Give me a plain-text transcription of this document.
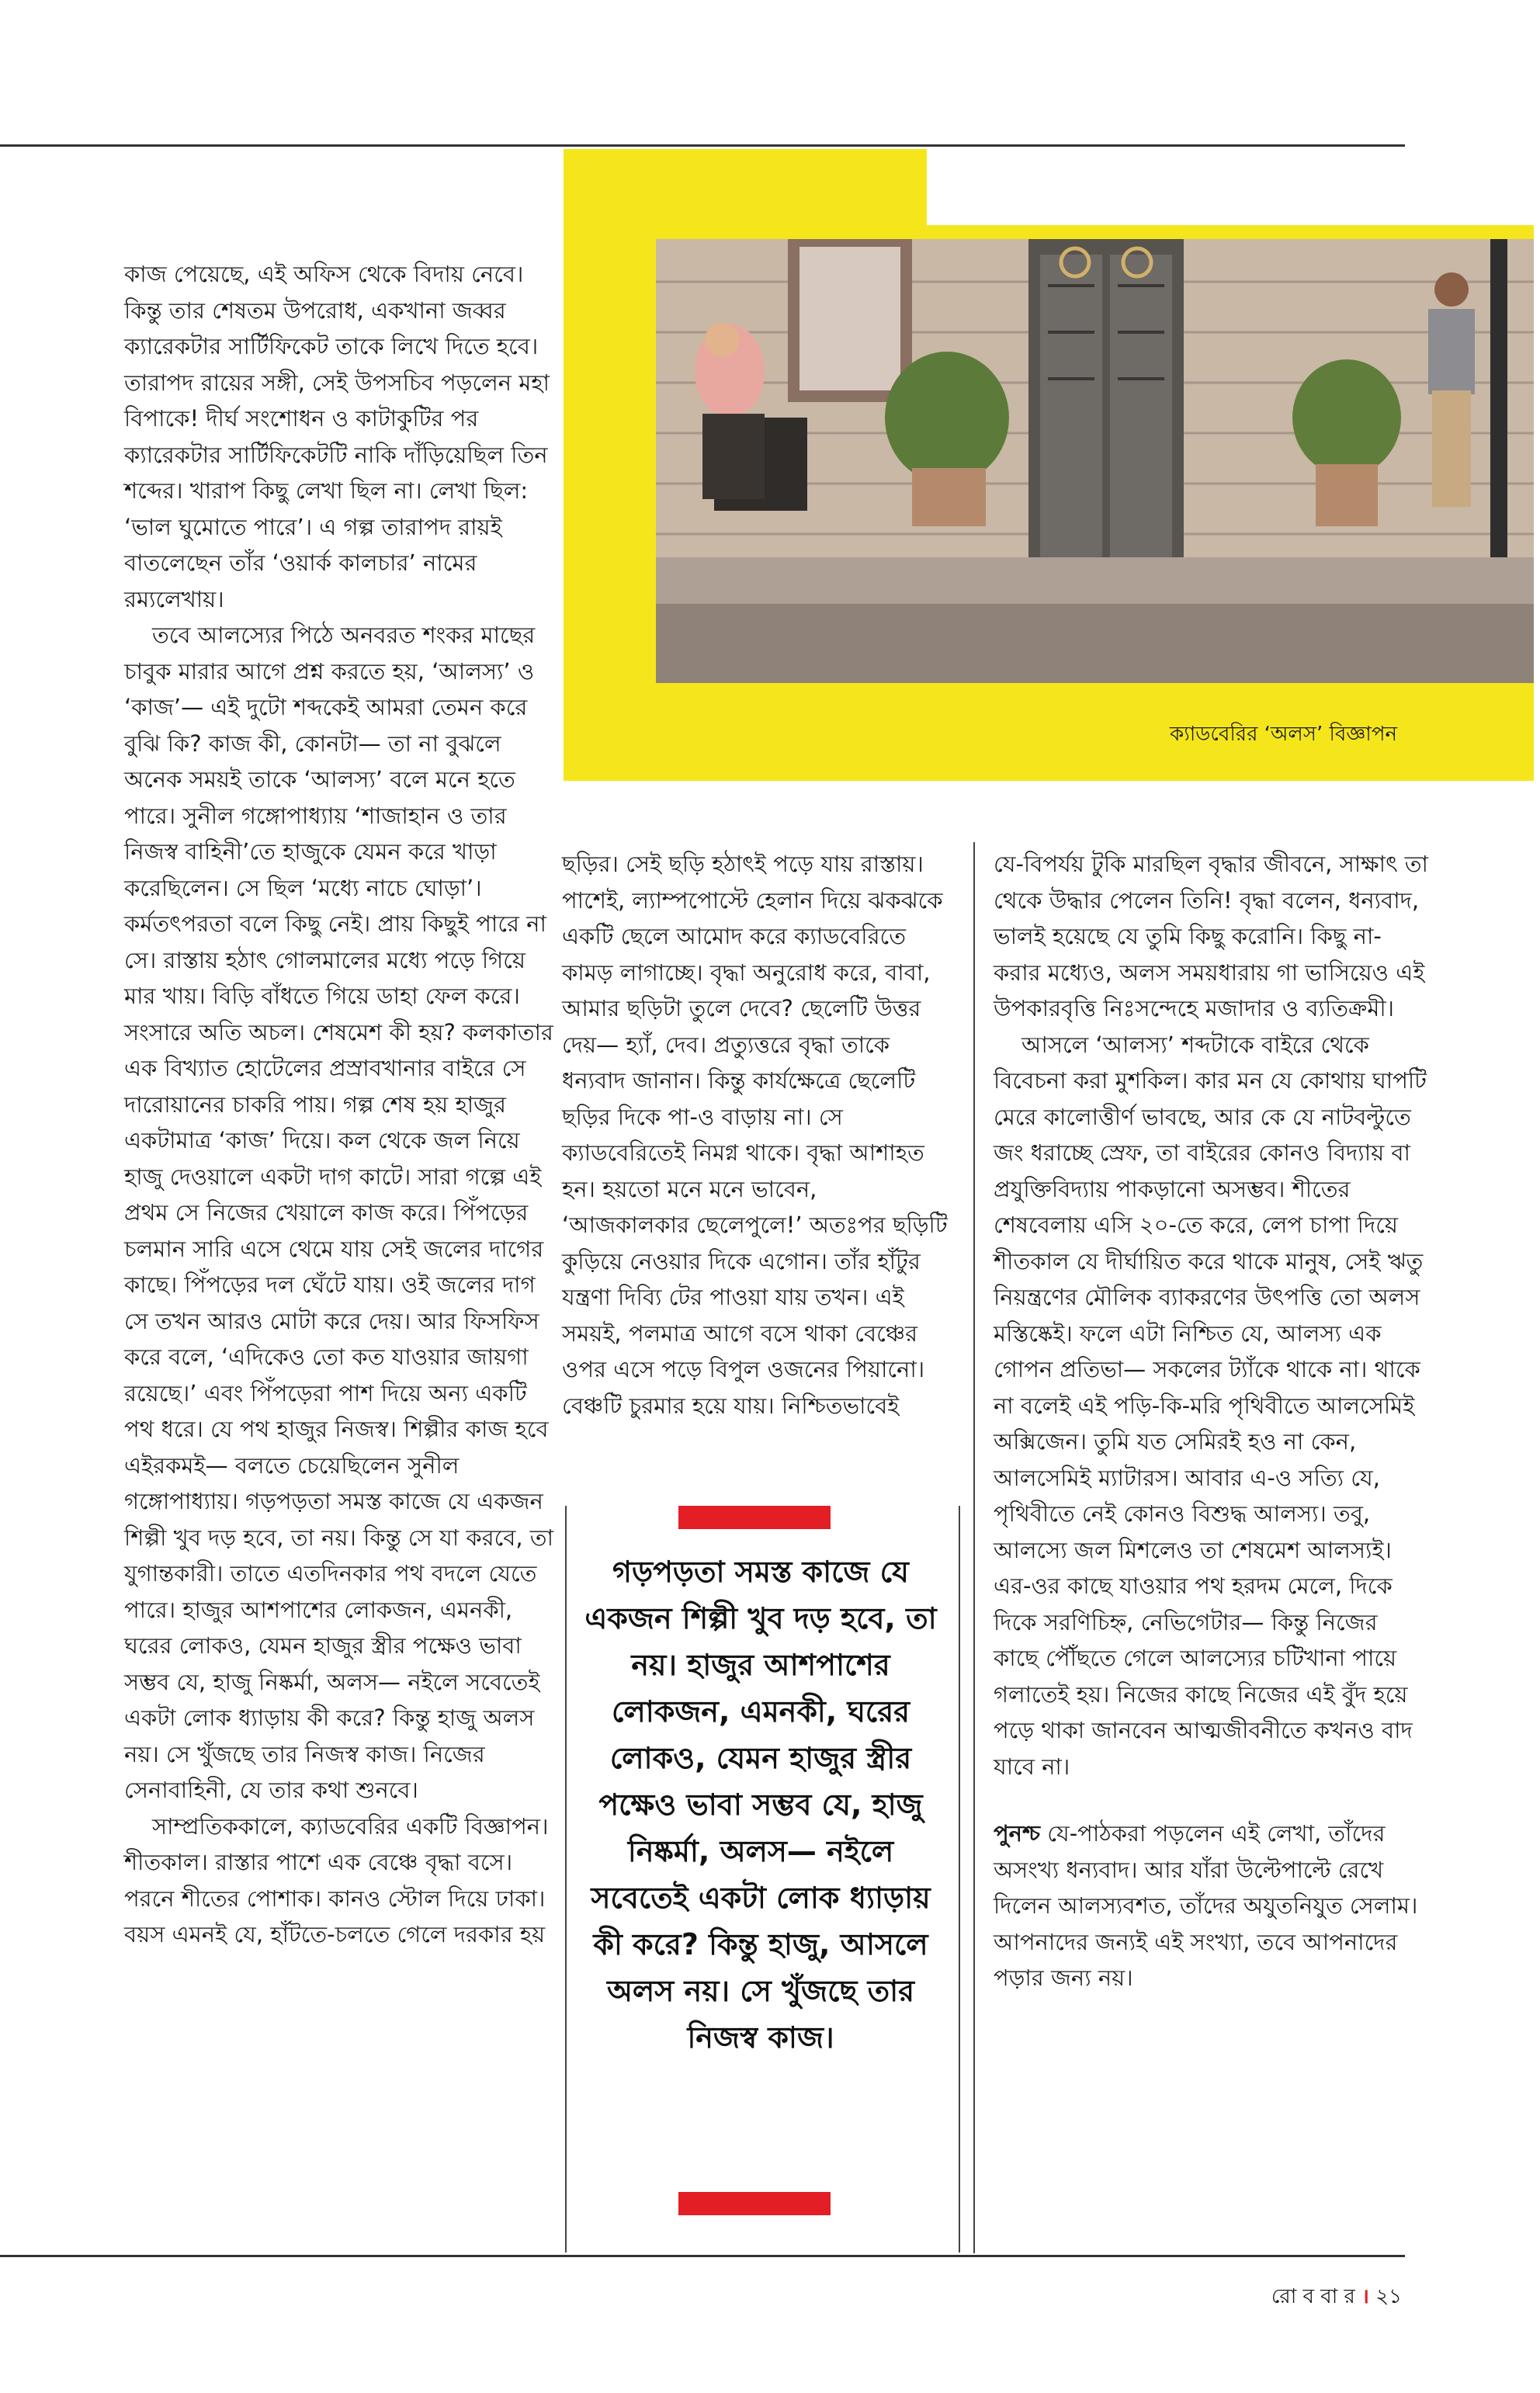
কাজ পেয়েছে, এই অফিস থেকে বিদায় নেবে। কিন্তু তার শেষতম উপরোধ, একখানা জব্বর ক্যারেকটার সার্টিফিকেট তাকে লিখে দিতে হবে। তারাপদ রায়ের সঙ্গী, সেই উপসচিব পড়লেন মহা বিপাকে! দীর্ঘ সংশোধন ও কাটাকুটির পর ক্যারেকটার সার্টিফিকেটটি নাকি দাঁড়িয়েছিল তিন শব্দের। খারাপ কিছু লেখা ছিল না। লেখা ছিল: ‘ভাল ঘুমোতে পারে’। এ গল্প তারাপদ রায়ই বাতলেছেন তাঁর ‘ওয়ার্ক কালচার’ নামের রম্যলেখায়।

তবে আলস্যের পিঠে অনবরত শংকর মাছের চাবুক মারার আগে প্রশ্ন করতে হয়, ‘আলস্য’ ও ‘কাজ’— এই দুটো শব্দকেই আমরা তেমন করে বুঝি কি? কাজ কী, কোনটা— তা না বুঝলে অনেক সময়ই তাকে ‘আলস্য’ বলে মনে হতে পারে। সুনীল গঙ্গোপাধ্যায় ‘শাজাহান ও তার নিজস্ব বাহিনী’তে হাজুকে যেমন করে খাড়া করেছিলেন। সে ছিল ‘মধ্যে নাচে ঘোড়া’। কর্মতৎপরতা বলে কিছু নেই। প্রায় কিছুই পারে না সে। রাস্তায় হঠাৎ গোলমালের মধ্যে পড়ে গিয়ে মার খায়। বিড়ি বাঁধতে গিয়ে ডাহা ফেল করে। সংসারে অতি অচল। শেষমেশ কী হয়? কলকাতার এক বিখ্যাত হোটেলের প্রস্রাবখানার বাইরে সে দারোয়ানের চাকরি পায়। গল্প শেষ হয় হাজুর একটামাত্র ‘কাজ’ দিয়ে। কল থেকে জল নিয়ে হাজু দেওয়ালে একটা দাগ কাটে। সারা গল্পে এই প্রথম সে নিজের খেয়ালে কাজ করে। পিঁপড়ের চলমান সারি এসে থেমে যায় সেই জলের দাগের কাছে। পিঁপড়ের দল ঘেঁটে যায়। ওই জলের দাগ সে তখন আরও মোটা করে দেয়। আর ফিসফিস করে বলে, ‘এদিকেও তো কত যাওয়ার জায়গা রয়েছে।’ এবং পিঁপড়েরা পাশ দিয়ে অন্য একটি পথ ধরে। যে পথ হাজুর নিজস্ব। শিল্পীর কাজ হবে এইরকমই— বলতে চেয়েছিলেন সুনীল গঙ্গোপাধ্যায়। গড়পড়তা সমস্ত কাজে যে একজন শিল্পী খুব দড় হবে, তা নয়। কিন্তু সে যা করবে, তা যুগান্তকারী। তাতে এতদিনকার পথ বদলে যেতে পারে। হাজুর আশপাশের লোকজন, এমনকী, ঘরের লোকও, যেমন হাজুর স্ত্রীর পক্ষেও ভাবা সম্ভব যে, হাজু নিষ্কর্মা, অলস— নইলে সবেতেই একটা লোক ধ্যাড়ায় কী করে? কিন্তু হাজু অলস নয়। সে খুঁজছে তার নিজস্ব কাজ। নিজের সেনাবাহিনী, যে তার কথা শুনবে।

সাম্প্রতিককালে, ক্যাডবেরির একটি বিজ্ঞাপন। শীতকাল। রাস্তার পাশে এক বেঞ্চে বৃদ্ধা বসে। পরনে শীতের পোশাক। কানও স্টোল দিয়ে ঢাকা। বয়স এমনই যে, হাঁটতে-চলতে গেলে দরকার হয়

ক্যাডবেরির ‘অলস’ বিজ্ঞাপন

ছড়ির। সেই ছড়ি হঠাৎই পড়ে যায় রাস্তায়। পাশেই, ল্যাম্পপোস্টে হেলান দিয়ে ঝকঝকে একটি ছেলে আমোদ করে ক্যাডবেরিতে কামড় লাগাচ্ছে। বৃদ্ধা অনুরোধ করে, বাবা, আমার ছড়িটা তুলে দেবে? ছেলেটি উত্তর দেয়— হ্যাঁ, দেব। প্রত্যুত্তরে বৃদ্ধা তাকে ধন্যবাদ জানান। কিন্তু কার্যক্ষেত্রে ছেলেটি ছড়ির দিকে পা-ও বাড়ায় না। সে ক্যাডবেরিতেই নিমগ্ন থাকে। বৃদ্ধা আশাহত হন। হয়তো মনে মনে ভাবেন, ‘আজকালকার ছেলেপুলে!’ অতঃপর ছড়িটি কুড়িয়ে নেওয়ার দিকে এগোন। তাঁর হাঁটুর যন্ত্রণা দিব্যি টের পাওয়া যায় তখন। এই সময়ই, পলমাত্র আগে বসে থাকা বেঞ্চের ওপর এসে পড়ে বিপুল ওজনের পিয়ানো। বেঞ্চটি চুরমার হয়ে যায়। নিশ্চিতভাবেই

গড়পড়তা সমস্ত কাজে যে একজন শিল্পী খুব দড় হবে, তা নয়। হাজুর আশপাশের লোকজন, এমনকী, ঘরের লোকও, যেমন হাজুর স্ত্রীর পক্ষেও ভাবা সম্ভব যে, হাজু নিষ্কর্মা, অলস— নইলে সবেতেই একটা লোক ধ্যাড়ায় কী করে? কিন্তু হাজু, আসলে অলস নয়। সে খুঁজছে তার নিজস্ব কাজ।

যে-বিপর্যয় টুকি মারছিল বৃদ্ধার জীবনে, সাক্ষাৎ তা থেকে উদ্ধার পেলেন তিনি! বৃদ্ধা বলেন, ধন্যবাদ, ভালই হয়েছে যে তুমি কিছু করোনি। কিছু না-করার মধ্যেও, অলস সময়ধারায় গা ভাসিয়েও এই উপকারবৃত্তি নিঃসন্দেহে মজাদার ও ব্যতিক্রমী।

আসলে ‘আলস্য’ শব্দটাকে বাইরে থেকে বিবেচনা করা মুশকিল। কার মন যে কোথায় ঘাপটি মেরে কালোত্তীর্ণ ভাবছে, আর কে যে নাটবল্টুতে জং ধরাচ্ছে স্রেফ, তা বাইরের কোনও বিদ্যায় বা প্রযুক্তিবিদ্যায় পাকড়ানো অসম্ভব। শীতের শেষবেলায় এসি ২০-তে করে, লেপ চাপা দিয়ে শীতকাল যে দীর্ঘায়িত করে থাকে মানুষ, সেই ঋতু নিয়ন্ত্রণের মৌলিক ব্যাকরণের উৎপত্তি তো অলস মস্তিষ্কেই। ফলে এটা নিশ্চিত যে, আলস্য এক গোপন প্রতিভা— সকলের ট্যাঁকে থাকে না। থাকে না বলেই এই পড়ি-কি-মরি পৃথিবীতে আলসেমিই অক্সিজেন। তুমি যত সেমিরই হও না কেন, আলসেমিই ম্যাটারস। আবার এ-ও সত্যি যে, পৃথিবীতে নেই কোনও বিশুদ্ধ আলস্য। তবু, আলস্যে জল মিশলেও তা শেষমেশ আলস্যই। এর-ওর কাছে যাওয়ার পথ হরদম মেলে, দিকে দিকে সরণিচিহ্ন, নেভিগেটার— কিন্তু নিজের কাছে পৌঁছতে গেলে আলস্যের চটিখানা পায়ে গলাতেই হয়। নিজের কাছে নিজের এই বুঁদ হয়ে পড়ে থাকা জানবেন আত্মজীবনীতে কখনও বাদ যাবে না।

পুনশ্চ যে-পাঠকরা পড়লেন এই লেখা, তাঁদের অসংখ্য ধন্যবাদ। আর যাঁরা উল্টেপাল্টে রেখে দিলেন আলস্যবশত, তাঁদের অযুতনিযুত সেলাম। আপনাদের জন্যই এই সংখ্যা, তবে আপনাদের পড়ার জন্য নয়।

রো ব বা র । ২১
